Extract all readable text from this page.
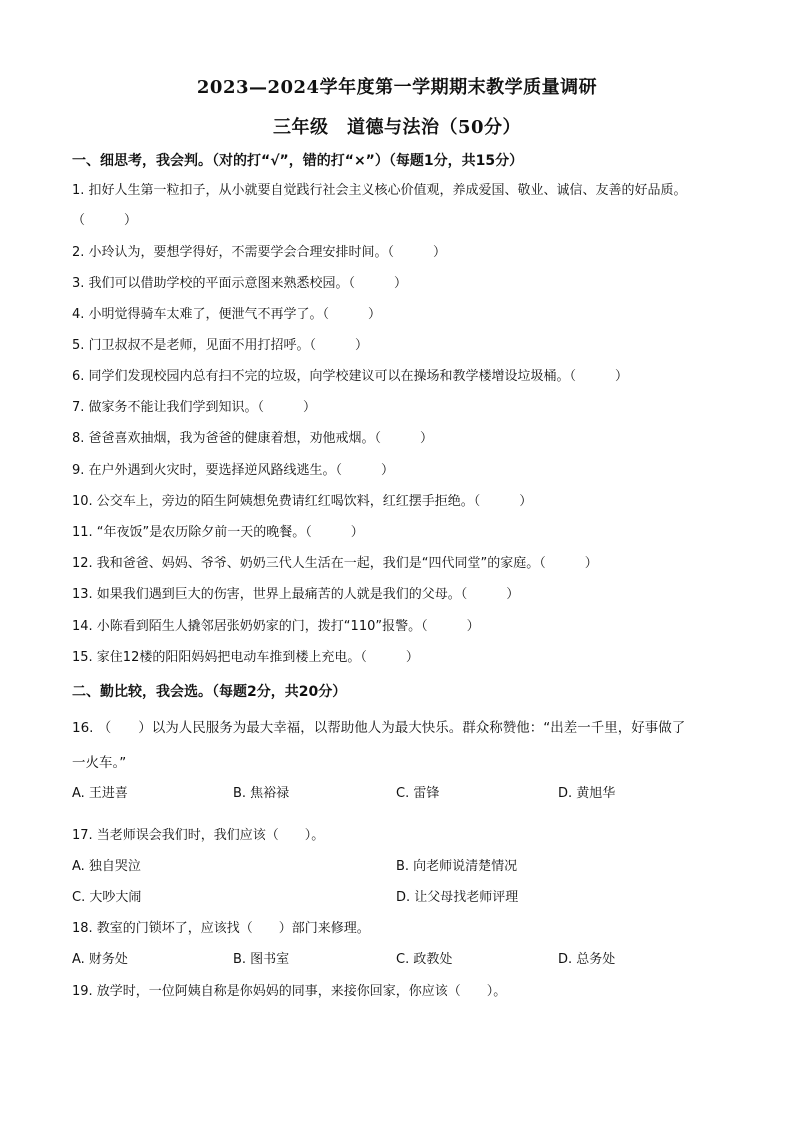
2023—2024学年度第一学期期末教学质量调研
三年级　道德与法治（50分）
一、细思考，我会判。（对的打“√”，错的打“×”）（每题1分，共15分）
1. 扣好人生第一粒扣子，从小就要自觉践行社会主义核心价值观，养成爱国、敬业、诚信、友善的好品质。
（　　　）
2. 小玲认为，要想学得好，不需要学会合理安排时间。（　　　）
3. 我们可以借助学校的平面示意图来熟悉校园。（　　　）
4. 小明觉得骑车太难了，便泄气不再学了。（　　　）
5. 门卫叔叔不是老师，见面不用打招呼。（　　　）
6. 同学们发现校园内总有扫不完的垃圾，向学校建议可以在操场和教学楼增设垃圾桶。（　　　）
7. 做家务不能让我们学到知识。（　　　）
8. 爸爸喜欢抽烟，我为爸爸的健康着想，劝他戒烟。（　　　）
9. 在户外遇到火灾时，要选择逆风路线逃生。（　　　）
10. 公交车上，旁边的陌生阿姨想免费请红红喝饮料，红红摆手拒绝。（　　　）
11. “年夜饭”是农历除夕前一天的晚餐。（　　　）
12. 我和爸爸、妈妈、爷爷、奶奶三代人生活在一起，我们是“四代同堂”的家庭。（　　　）
13. 如果我们遇到巨大的伤害，世界上最痛苦的人就是我们的父母。（　　　）
14. 小陈看到陌生人撬邻居张奶奶家的门，拨打“110”报警。（　　　）
15. 家住12楼的阳阳妈妈把电动车推到楼上充电。（　　　）
二、勤比较，我会选。（每题2分，共20分）
16. （　　）以为人民服务为最大幸福，以帮助他人为最大快乐。群众称赞他：“出差一千里，好事做了
一火车。”
A. 王进喜	B. 焦裕禄	C. 雷锋	D. 黄旭华
17. 当老师误会我们时，我们应该（　　）。
A. 独自哭泣	B. 向老师说清楚情况
C. 大吵大闹	D. 让父母找老师评理
18. 教室的门锁坏了，应该找（　　）部门来修理。
A. 财务处	B. 图书室	C. 政教处	D. 总务处
19. 放学时，一位阿姨自称是你妈妈的同事，来接你回家，你应该（　　）。
